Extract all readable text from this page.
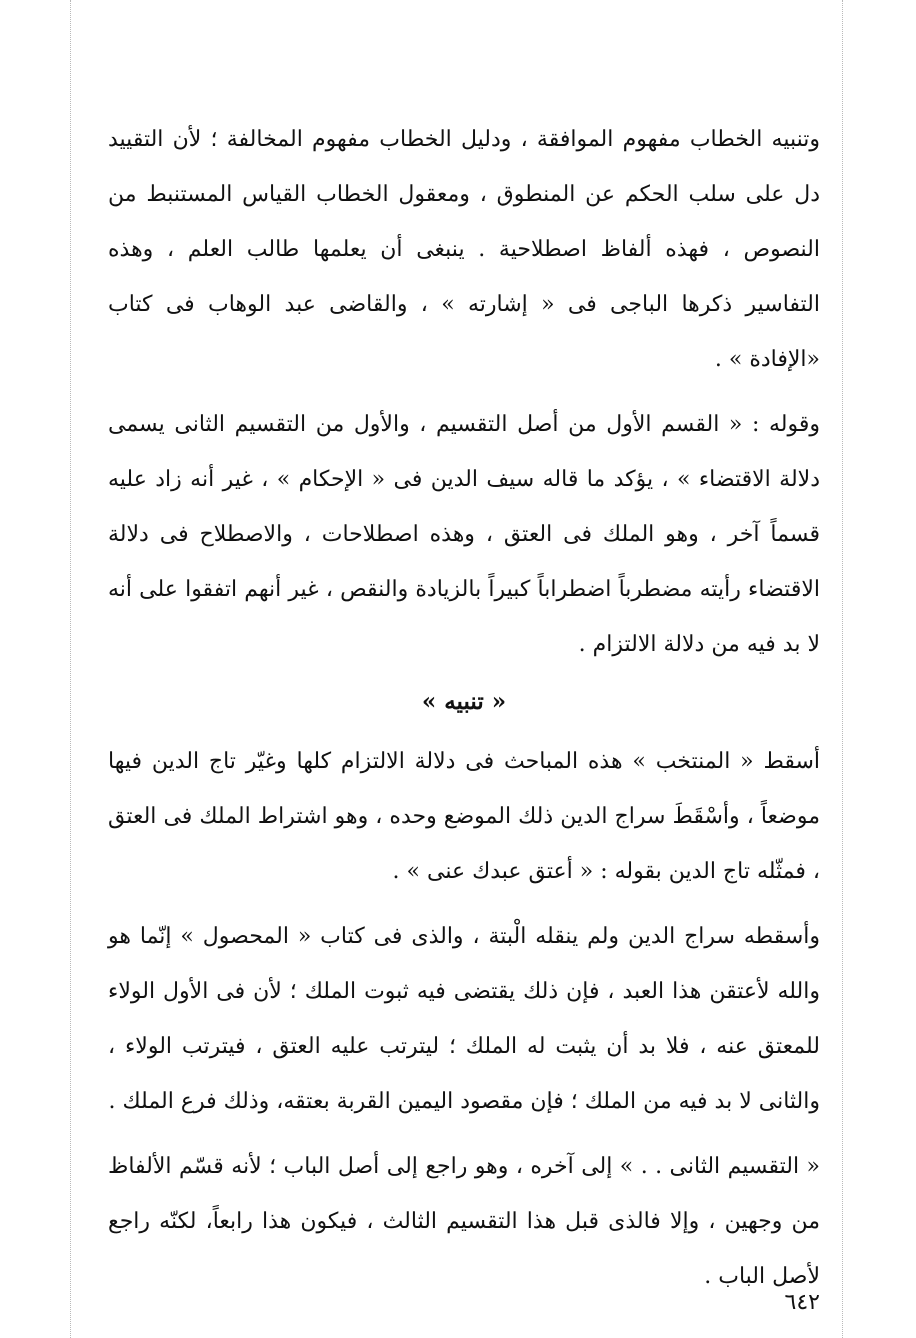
وتنبيه الخطاب مفهوم الموافقة ، ودليل الخطاب مفهوم المخالفة ؛ لأن التقييد دل على سلب الحكم عن المنطوق ، ومعقول الخطاب القياس المستنبط من النصوص ، فهذه ألفاظ اصطلاحية . ينبغى أن يعلمها طالب العلم ، وهذه التفاسير ذكرها الباجى فى « إشارته » ، والقاضى عبد الوهاب فى كتاب «الإفادة » .

وقوله : « القسم الأول من أصل التقسيم ، والأول من التقسيم الثانى يسمى دلالة الاقتضاء » ، يؤكد ما قاله سيف الدين فى « الإحكام » ، غير أنه زاد عليه قسماً آخر ، وهو الملك فى العتق ، وهذه اصطلاحات ، والاصطلاح فى دلالة الاقتضاء رأيته مضطرباً اضطراباً كبيراً بالزيادة والنقص ، غير أنهم اتفقوا على أنه لا بد فيه من دلالة الالتزام .

« تنبيه »

أسقط « المنتخب » هذه المباحث فى دلالة الالتزام كلها وغيّر تاج الدين فيها موضعاً ، وأسْقَطَ سراج الدين ذلك الموضع وحده ، وهو اشتراط الملك فى العتق ، فمثّله تاج الدين بقوله : « أعتق عبدك عنى » .

وأسقطه سراج الدين ولم ينقله الْبتة ، والذى فى كتاب « المحصول » إنّما هو والله لأعتقن هذا العبد ، فإن ذلك يقتضى فيه ثبوت الملك ؛ لأن فى الأول الولاء للمعتق عنه ، فلا بد أن يثبت له الملك ؛ ليترتب عليه العتق ، فيترتب الولاء ، والثانى لا بد فيه من الملك ؛ فإن مقصود اليمين القربة بعتقه، وذلك فرع الملك .

« التقسيم الثانى . . » إلى آخره ، وهو راجع إلى أصل الباب ؛ لأنه قسّم الألفاظ من وجهين ، وإلا فالذى قبل هذا التقسيم الثالث ، فيكون هذا رابعاً، لكنّه راجع لأصل الباب .

٦٤٢
